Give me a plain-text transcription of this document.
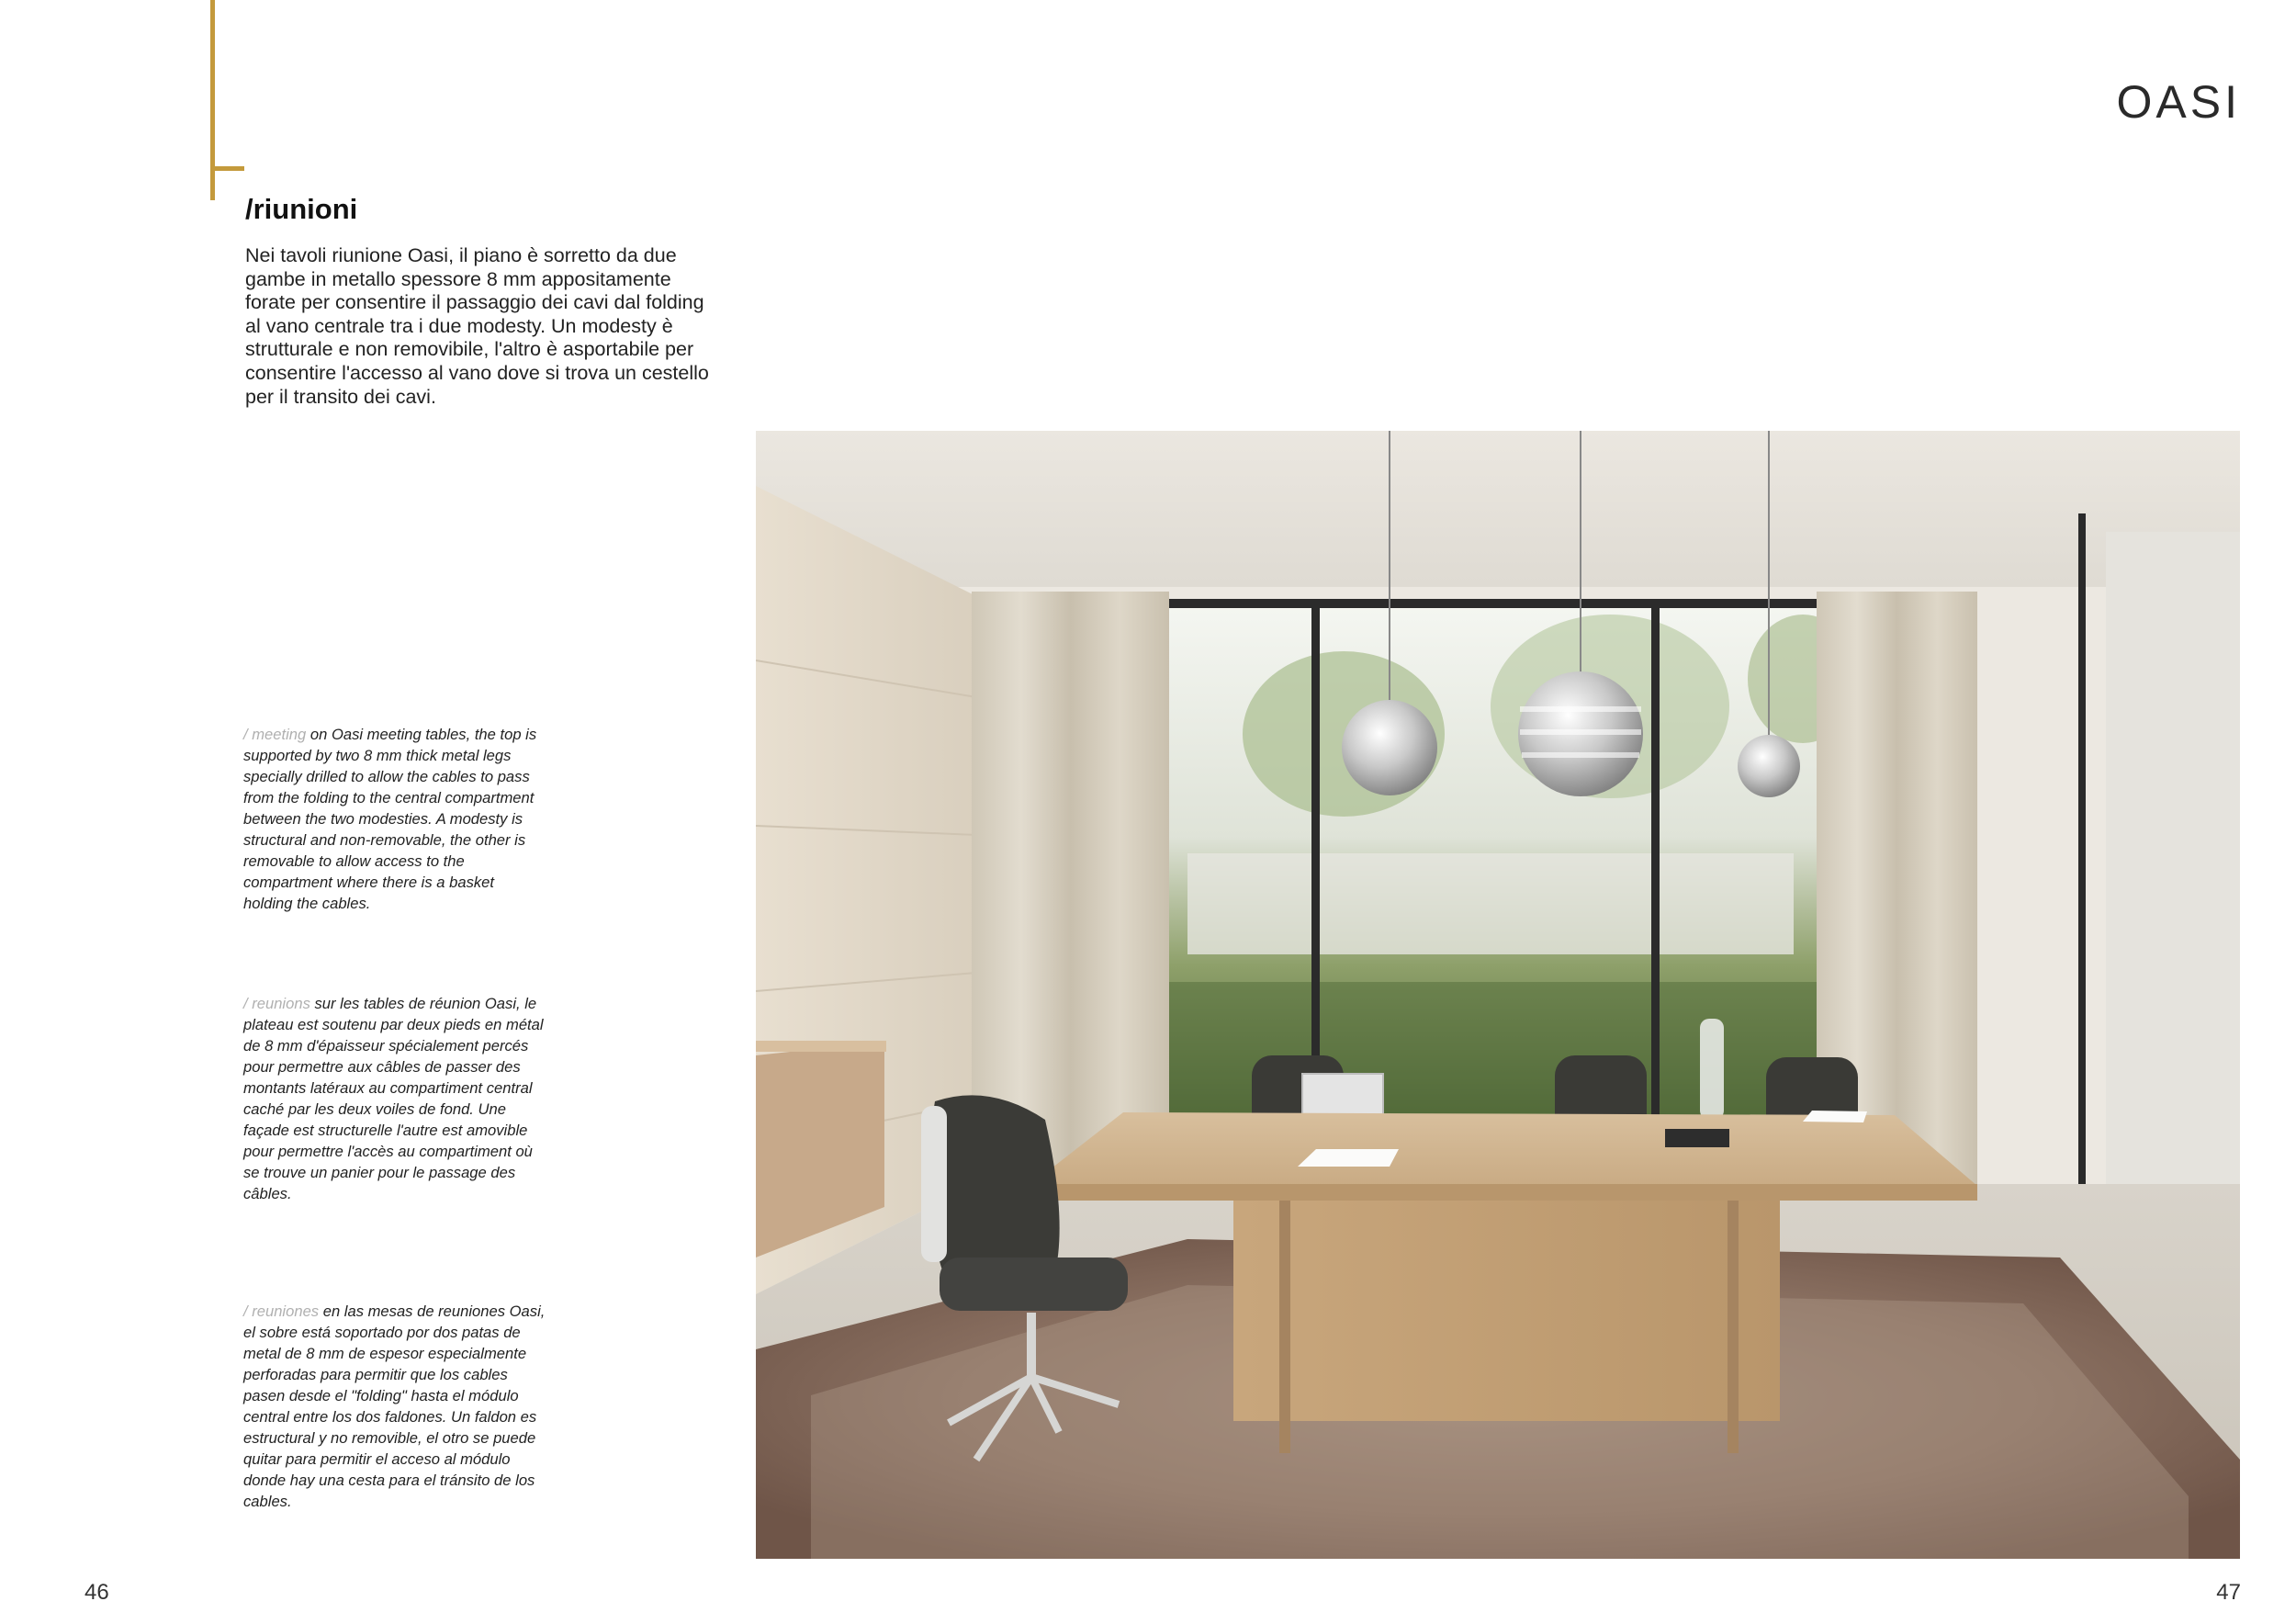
OASI
/riunioni
Nei tavoli riunione Oasi, il piano è sorretto da due gambe in metallo spessore 8 mm appositamente forate per consentire il passaggio dei cavi dal folding al vano centrale tra i due modesty. Un modesty è strutturale e non removibile, l'altro è asportabile per consentire l'accesso al vano dove si trova un cestello per il transito dei cavi.
/ meeting on Oasi meeting tables, the top is supported by two 8 mm thick metal legs specially drilled to allow the cables to pass from the folding to the central compartment between the two modesties. A modesty is structural and non-removable, the other is removable to allow access to the compartment where there is a basket holding the cables.
/ reunions sur les tables de réunion Oasi, le plateau est soutenu par deux pieds en métal de 8 mm d'épaisseur spécialement percés pour permettre aux câbles de passer des montants latéraux au compartiment central caché par les deux voiles de fond. Une façade est structurelle l'autre est amovible pour permettre l'accès au compartiment où se trouve un panier pour le passage des câbles.
/ reuniones en las mesas de reuniones Oasi, el sobre está soportado por dos patas de metal de 8 mm de espesor especialmente perforadas para permitir que los cables pasen desde el "folding" hasta el módulo central entre los dos faldones. Un faldon es estructural y no removible, el otro se puede quitar para permitir el acceso al módulo donde hay una cesta para el tránsito de los cables.
46	47
